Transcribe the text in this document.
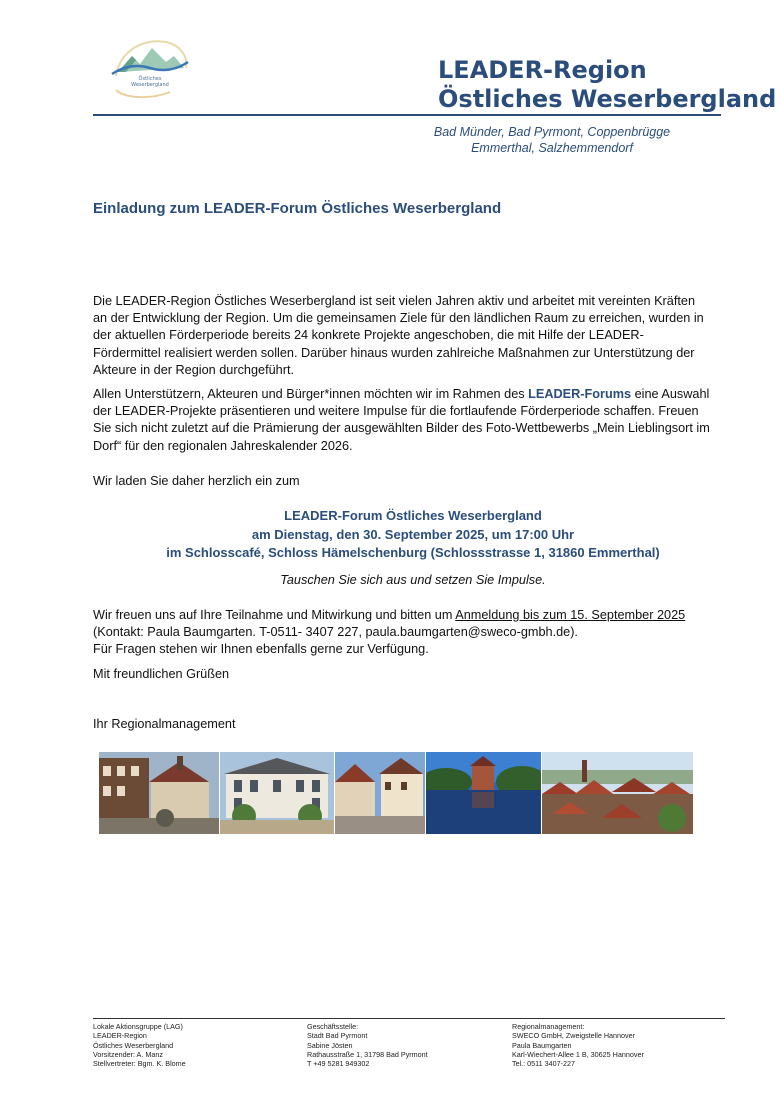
Östliches
Weserbergland
LEADER-Region
Östliches Weserbergland
Bad Münder, Bad Pyrmont, Coppenbrügge
Emmerthal, Salzhemmendorf
Einladung zum LEADER-Forum Östliches Weserbergland
Die LEADER-Region Östliches Weserbergland ist seit vielen Jahren aktiv und arbeitet mit vereinten Kräften an der Entwicklung der Region. Um die gemeinsamen Ziele für den ländlichen Raum zu erreichen, wurden in der aktuellen Förderperiode bereits 24 konkrete Projekte angeschoben, die mit Hilfe der LEADER-Fördermittel realisiert werden sollen. Darüber hinaus wurden zahlreiche Maßnahmen zur Unterstützung der Akteure in der Region durchgeführt.
Allen Unterstützern, Akteuren und Bürger*innen möchten wir im Rahmen des LEADER-Forums eine Auswahl der LEADER-Projekte präsentieren und weitere Impulse für die fortlaufende Förderperiode schaffen. Freuen Sie sich nicht zuletzt auf die Prämierung der ausgewählten Bilder des Foto-Wettbewerbs „Mein Lieblingsort im Dorf“ für den regionalen Jahreskalender 2026.
Wir laden Sie daher herzlich ein zum
LEADER-Forum Östliches Weserbergland
am Dienstag, den 30. September 2025, um 17:00 Uhr
im Schlosscafé, Schloss Hämelschenburg (Schlossstrasse 1, 31860 Emmerthal)
Tauschen Sie sich aus und setzen Sie Impulse.
Wir freuen uns auf Ihre Teilnahme und Mitwirkung und bitten um Anmeldung bis zum 15. September 2025
(Kontakt: Paula Baumgarten. T-0511- 3407 227, paula.baumgarten@sweco-gmbh.de).
Für Fragen stehen wir Ihnen ebenfalls gerne zur Verfügung.
Mit freundlichen Grüßen
Ihr Regionalmanagement
Lokale Aktionsgruppe (LAG)
LEADER-Region
Östliches Weserbergland
Vorsitzender: A. Manz
Stellvertreter: Bgm. K. Blome
Geschäftsstelle:
Stadt Bad Pyrmont
Sabine Jösten
Rathausstraße 1, 31798 Bad Pyrmont
T +49 5281 949302
Regionalmanagement:
SWECO GmbH, Zweigstelle Hannover
Paula Baumgarten
Karl-Wiechert-Allee 1 B, 30625 Hannover
Tel.: 0511 3407-227
